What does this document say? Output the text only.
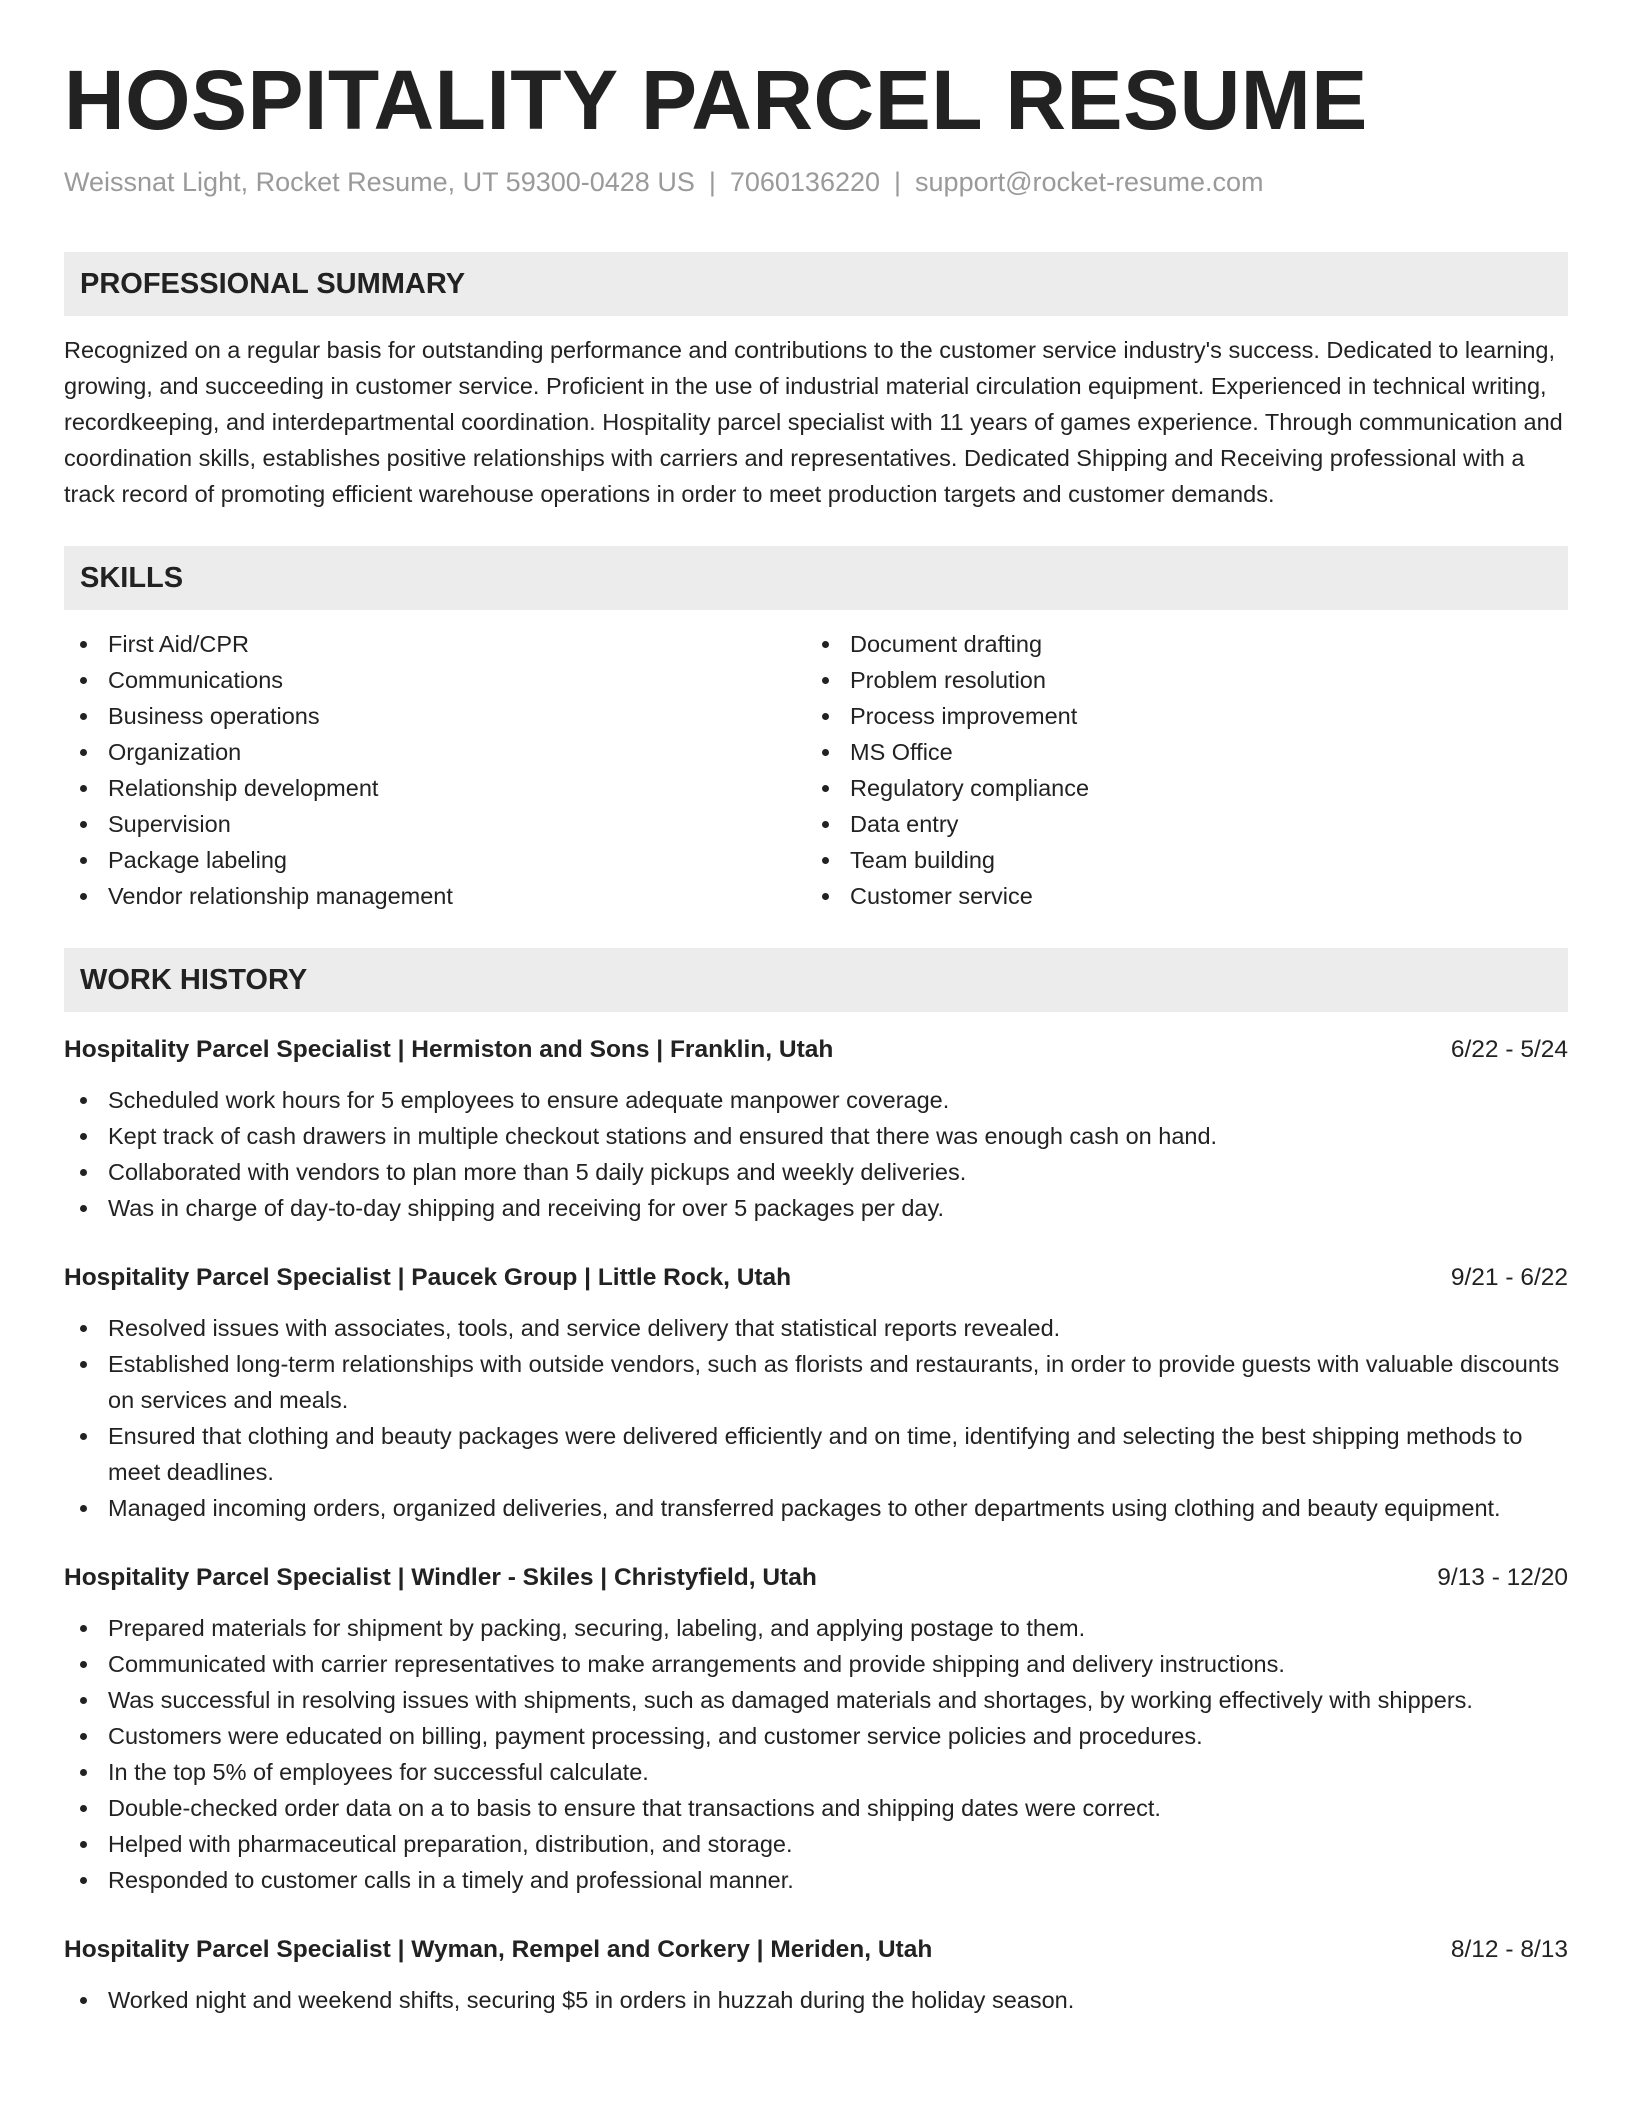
HOSPITALITY PARCEL RESUME
Weissnat Light, Rocket Resume, UT 59300-0428 US | 7060136220 | support@rocket-resume.com
PROFESSIONAL SUMMARY
Recognized on a regular basis for outstanding performance and contributions to the customer service industry's success. Dedicated to learning, growing, and succeeding in customer service. Proficient in the use of industrial material circulation equipment. Experienced in technical writing, recordkeeping, and interdepartmental coordination. Hospitality parcel specialist with 11 years of games experience. Through communication and coordination skills, establishes positive relationships with carriers and representatives. Dedicated Shipping and Receiving professional with a track record of promoting efficient warehouse operations in order to meet production targets and customer demands.
SKILLS
First Aid/CPR
Communications
Business operations
Organization
Relationship development
Supervision
Package labeling
Vendor relationship management
Document drafting
Problem resolution
Process improvement
MS Office
Regulatory compliance
Data entry
Team building
Customer service
WORK HISTORY
Hospitality Parcel Specialist | Hermiston and Sons | Franklin, Utah	6/22 - 5/24
Scheduled work hours for 5 employees to ensure adequate manpower coverage.
Kept track of cash drawers in multiple checkout stations and ensured that there was enough cash on hand.
Collaborated with vendors to plan more than 5 daily pickups and weekly deliveries.
Was in charge of day-to-day shipping and receiving for over 5 packages per day.
Hospitality Parcel Specialist | Paucek Group | Little Rock, Utah	9/21 - 6/22
Resolved issues with associates, tools, and service delivery that statistical reports revealed.
Established long-term relationships with outside vendors, such as florists and restaurants, in order to provide guests with valuable discounts on services and meals.
Ensured that clothing and beauty packages were delivered efficiently and on time, identifying and selecting the best shipping methods to meet deadlines.
Managed incoming orders, organized deliveries, and transferred packages to other departments using clothing and beauty equipment.
Hospitality Parcel Specialist | Windler - Skiles | Christyfield, Utah	9/13 - 12/20
Prepared materials for shipment by packing, securing, labeling, and applying postage to them.
Communicated with carrier representatives to make arrangements and provide shipping and delivery instructions.
Was successful in resolving issues with shipments, such as damaged materials and shortages, by working effectively with shippers.
Customers were educated on billing, payment processing, and customer service policies and procedures.
In the top 5% of employees for successful calculate.
Double-checked order data on a to basis to ensure that transactions and shipping dates were correct.
Helped with pharmaceutical preparation, distribution, and storage.
Responded to customer calls in a timely and professional manner.
Hospitality Parcel Specialist | Wyman, Rempel and Corkery | Meriden, Utah	8/12 - 8/13
Worked night and weekend shifts, securing $5 in orders in huzzah during the holiday season.
